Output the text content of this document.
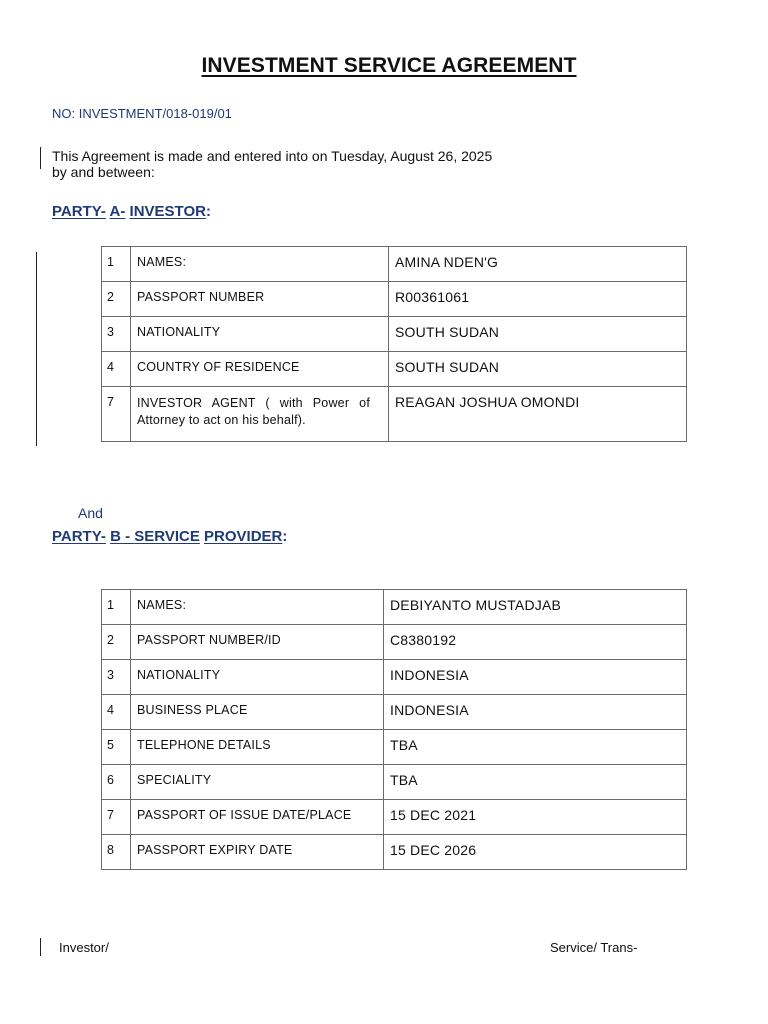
INVESTMENT SERVICE AGREEMENT
NO: INVESTMENT/018-019/01
This Agreement is made and entered into on Tuesday, August 26, 2025
by and between:
PARTY- A- INVESTOR:
1	NAMES:	AMINA NDEN'G
2	PASSPORT NUMBER	R00361061
3	NATIONALITY	SOUTH SUDAN
4	COUNTRY OF RESIDENCE	SOUTH SUDAN
7	INVESTOR AGENT ( with Power of Attorney to act on his behalf).	REAGAN JOSHUA OMONDI
And
PARTY- B - SERVICE PROVIDER:
1	NAMES:	DEBIYANTO MUSTADJAB
2	PASSPORT NUMBER/ID	C8380192
3	NATIONALITY	INDONESIA
4	BUSINESS PLACE	INDONESIA
5	TELEPHONE DETAILS	TBA
6	SPECIALITY	TBA
7	PASSPORT OF ISSUE DATE/PLACE	15 DEC 2021
8	PASSPORT EXPIRY DATE	15 DEC 2026
Investor/	Service/ Trans-
